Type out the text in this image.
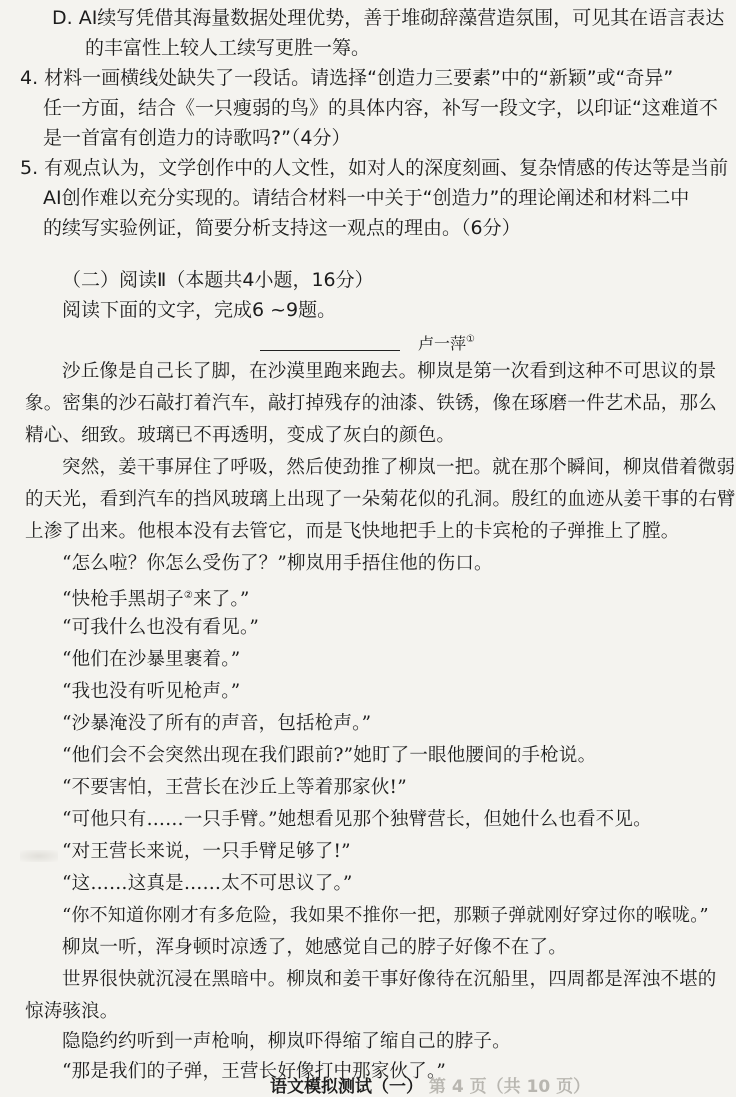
D. AI续写凭借其海量数据处理优势，善于堆砌辞藻营造氛围，可见其在语言表达
的丰富性上较人工续写更胜一筹。
4. 材料一画横线处缺失了一段话。请选择“创造力三要素”中的“新颖”或“奇异”
任一方面，结合《一只瘦弱的鸟》的具体内容，补写一段文字，以印证“这难道不
是一首富有创造力的诗歌吗?”（4分）
5. 有观点认为，文学创作中的人文性，如对人的深度刻画、复杂情感的传达等是当前
AI创作难以充分实现的。请结合材料一中关于“创造力”的理论阐述和材料二中
的续写实验例证，简要分析支持这一观点的理由。（6分）
（二）阅读Ⅱ（本题共4小题，16分）
阅读下面的文字，完成6 ~9题。
卢一萍①
沙丘像是自己长了脚，在沙漠里跑来跑去。柳岚是第一次看到这种不可思议的景
象。密集的沙石敲打着汽车，敲打掉残存的油漆、铁锈，像在琢磨一件艺术品，那么
精心、细致。玻璃已不再透明，变成了灰白的颜色。
突然，姜干事屏住了呼吸，然后使劲推了柳岚一把。就在那个瞬间，柳岚借着微弱
的天光，看到汽车的挡风玻璃上出现了一朵菊花似的孔洞。殷红的血迹从姜干事的右臂
上渗了出来。他根本没有去管它，而是飞快地把手上的卡宾枪的子弹推上了膛。
“怎么啦？你怎么受伤了？”柳岚用手捂住他的伤口。
“快枪手黑胡子②来了。”
“可我什么也没有看见。”
“他们在沙暴里裹着。”
“我也没有听见枪声。”
“沙暴淹没了所有的声音，包括枪声。”
“他们会不会突然出现在我们跟前?”她盯了一眼他腰间的手枪说。
“不要害怕，王营长在沙丘上等着那家伙!”
“可他只有……一只手臂。”她想看见那个独臂营长，但她什么也看不见。
“对王营长来说，一只手臂足够了!”
“这……这真是……太不可思议了。”
“你不知道你刚才有多危险，我如果不推你一把，那颗子弹就刚好穿过你的喉咙。”
柳岚一听，浑身顿时凉透了，她感觉自己的脖子好像不在了。
世界很快就沉浸在黑暗中。柳岚和姜干事好像待在沉船里，四周都是浑浊不堪的
惊涛骇浪。
隐隐约约听到一声枪响，柳岚吓得缩了缩自己的脖子。
“那是我们的子弹，王营长好像打中那家伙了。”
语文模拟测试（一） 第 4 页（共 10 页）
